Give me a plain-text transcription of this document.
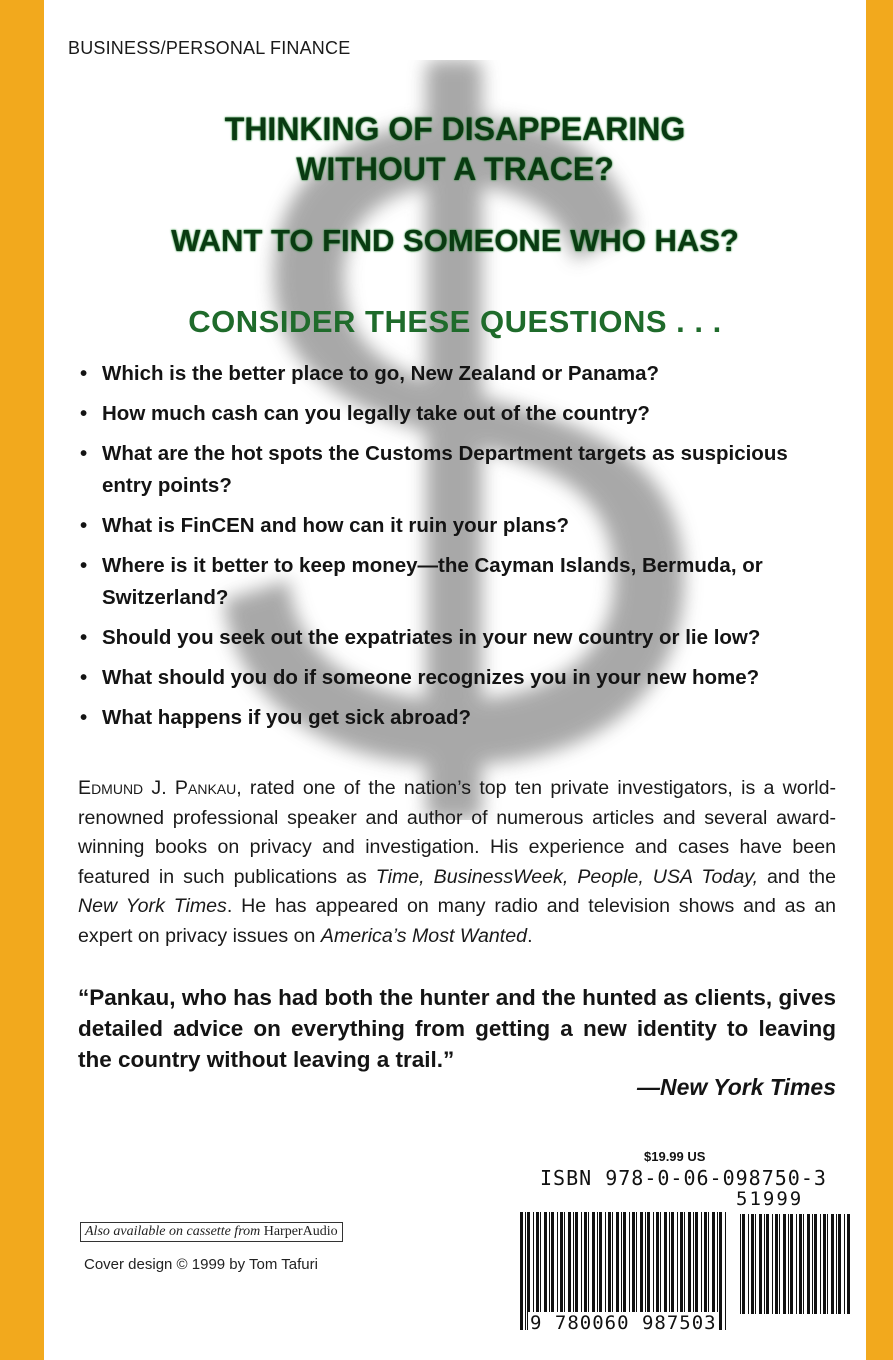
BUSINESS/PERSONAL FINANCE
THINKING OF DISAPPEARING
WITHOUT A TRACE?
WANT TO FIND SOMEONE WHO HAS?
CONSIDER THESE QUESTIONS . . .
• Which is the better place to go, New Zealand or Panama?
• How much cash can you legally take out of the country?
• What are the hot spots the Customs Department targets as suspicious entry points?
• What is FinCEN and how can it ruin your plans?
• Where is it better to keep money—the Cayman Islands, Bermuda, or Switzerland?
• Should you seek out the expatriates in your new country or lie low?
• What should you do if someone recognizes you in your new home?
• What happens if you get sick abroad?
Edmund J. Pankau, rated one of the nation’s top ten private investigators, is a world-renowned professional speaker and author of numerous articles and several award-winning books on privacy and investigation. His experience and cases have been featured in such publications as Time, BusinessWeek, People, USA Today, and the New York Times. He has appeared on many radio and television shows and as an expert on privacy issues on America’s Most Wanted.
“Pankau, who has had both the hunter and the hunted as clients, gives detailed advice on everything from getting a new identity to leaving the country without leaving a trail.”
—New York Times
Also available on cassette from HarperAudio
Cover design © 1999 by Tom Tafuri
$19.99 US
ISBN 978-0-06-098750-3
51999
9 780060 987503
